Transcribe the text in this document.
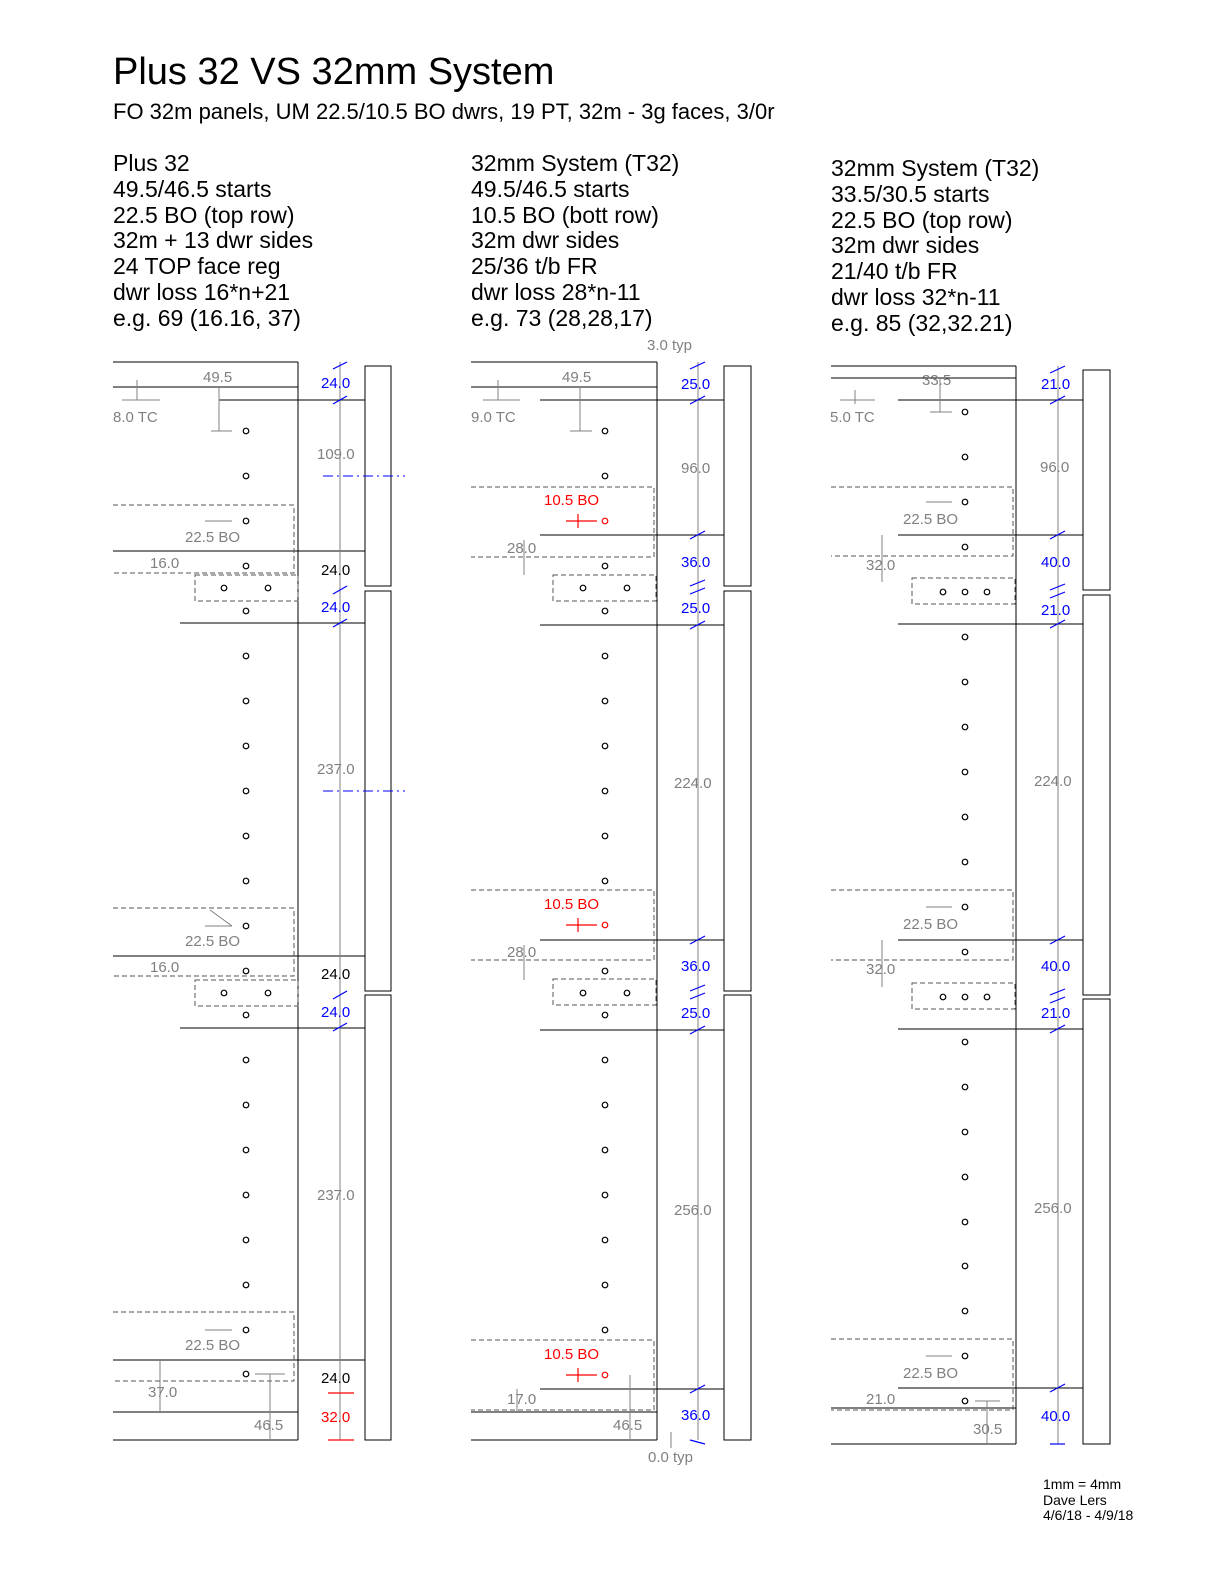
Plus 32 VS 32mm System
FO 32m panels, UM 22.5/10.5 BO dwrs, 19 PT, 32m - 3g faces, 3/0r
Plus 32
49.5/46.5 starts
22.5 BO (top row)
32m + 13 dwr sides
24 TOP face reg
dwr loss 16*n+21
e.g. 69 (16.16, 37)
32mm System (T32)
49.5/46.5 starts
10.5 BO (bott row)
32m dwr sides
25/36 t/b FR
dwr loss 28*n-11
e.g. 73 (28,28,17)
32mm System (T32)
33.5/30.5 starts
22.5 BO (top row)
32m dwr sides
21/40 t/b FR
dwr loss 32*n-11
e.g. 85 (32,32.21)
49.5
8.0 TC
24.0
109.0
22.5 BO
16.0	24.0
24.0
237.0
22.5 BO
16.0	24.0
24.0
237.0
22.5 BO
24.0
32.0
37.0
46.5
3.0 typ
49.5
9.0 TC
25.0
96.0
10.5 BO
28.0
36.0
25.0
224.0
10.5 BO
28.0
36.0
25.0
256.0
10.5 BO
17.0
36.0
46.5
0.0 typ
33.5
5.0 TC
21.0
96.0
22.5 BO
32.0	40.0
21.0
224.0
22.5 BO
32.0	40.0
21.0
256.0
22.5 BO
21.0
40.0
30.5
1mm = 4mm
Dave Lers
4/6/18 - 4/9/18
